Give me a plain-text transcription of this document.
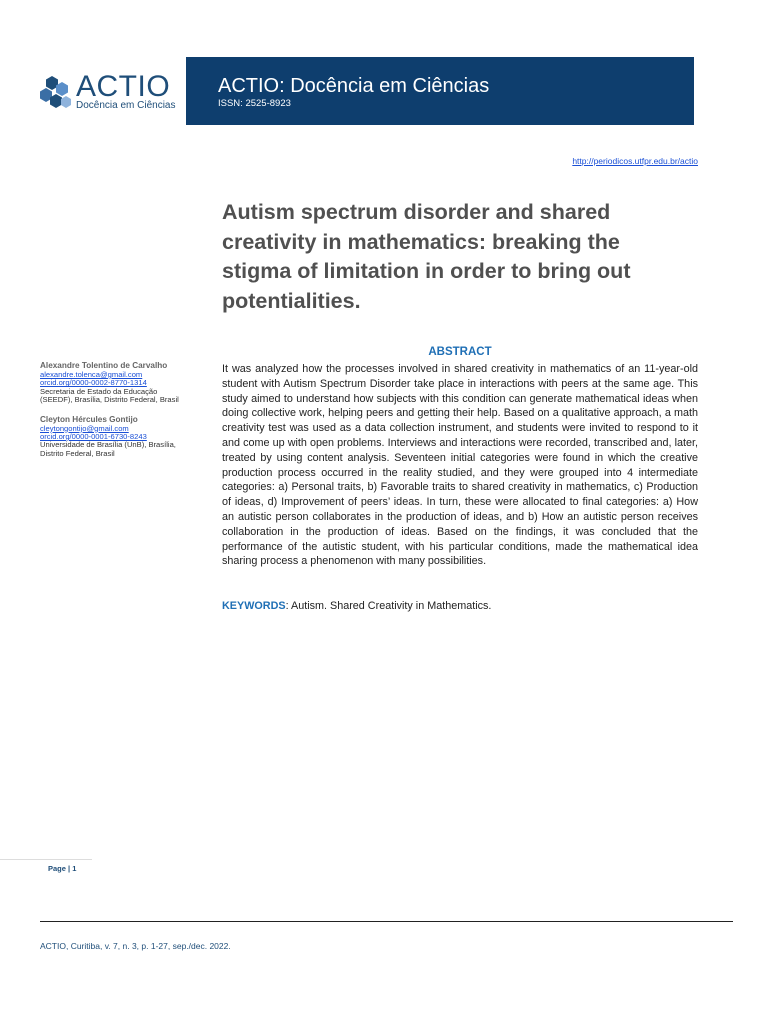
ACTIO
Docência em Ciências
ACTIO: Docência em Ciências
ISSN: 2525-8923
http://periodicos.utfpr.edu.br/actio
Autism spectrum disorder and shared creativity in mathematics: breaking the stigma of limitation in order to bring out potentialities.
Alexandre Tolentino de Carvalho
alexandre.tolenca@gmail.com
orcid.org/0000-0002-8770-1314
Secretaria de Estado da Educação (SEEDF), Brasília, Distrito Federal, Brasil
Cleyton Hércules Gontijo
cleytongontijo@gmail.com
orcid.org/0000-0001-6730-8243
Universidade de Brasília (UnB), Brasília, Distrito Federal, Brasil
ABSTRACT

It was analyzed how the processes involved in shared creativity in mathematics of an 11-year-old student with Autism Spectrum Disorder take place in interactions with peers at the same age. This study aimed to understand how subjects with this condition can generate mathematical ideas when doing collective work, helping peers and getting their help. Based on a qualitative approach, a math creativity test was used as a data collection instrument, and students were invited to respond to it and come up with open problems. Interviews and interactions were recorded, transcribed and, later, treated by using content analysis. Seventeen initial categories were found in which the creative production process occurred in the reality studied, and they were grouped into 4 intermediate categories: a) Personal traits, b) Favorable traits to shared creativity in mathematics, c) Production of ideas, d) Improvement of peers’ ideas. In turn, these were allocated to final categories: a) How an autistic person collaborates in the production of ideas, and b) How an autistic person receives collaboration in the production of ideas. Based on the findings, it was concluded that the performance of the autistic student, with his particular conditions, made the mathematical idea sharing process a phenomenon with many possibilities.

KEYWORDS: Autism. Shared Creativity in Mathematics.
Page | 1
ACTIO, Curitiba, v. 7, n. 3, p. 1-27, sep./dec. 2022.
